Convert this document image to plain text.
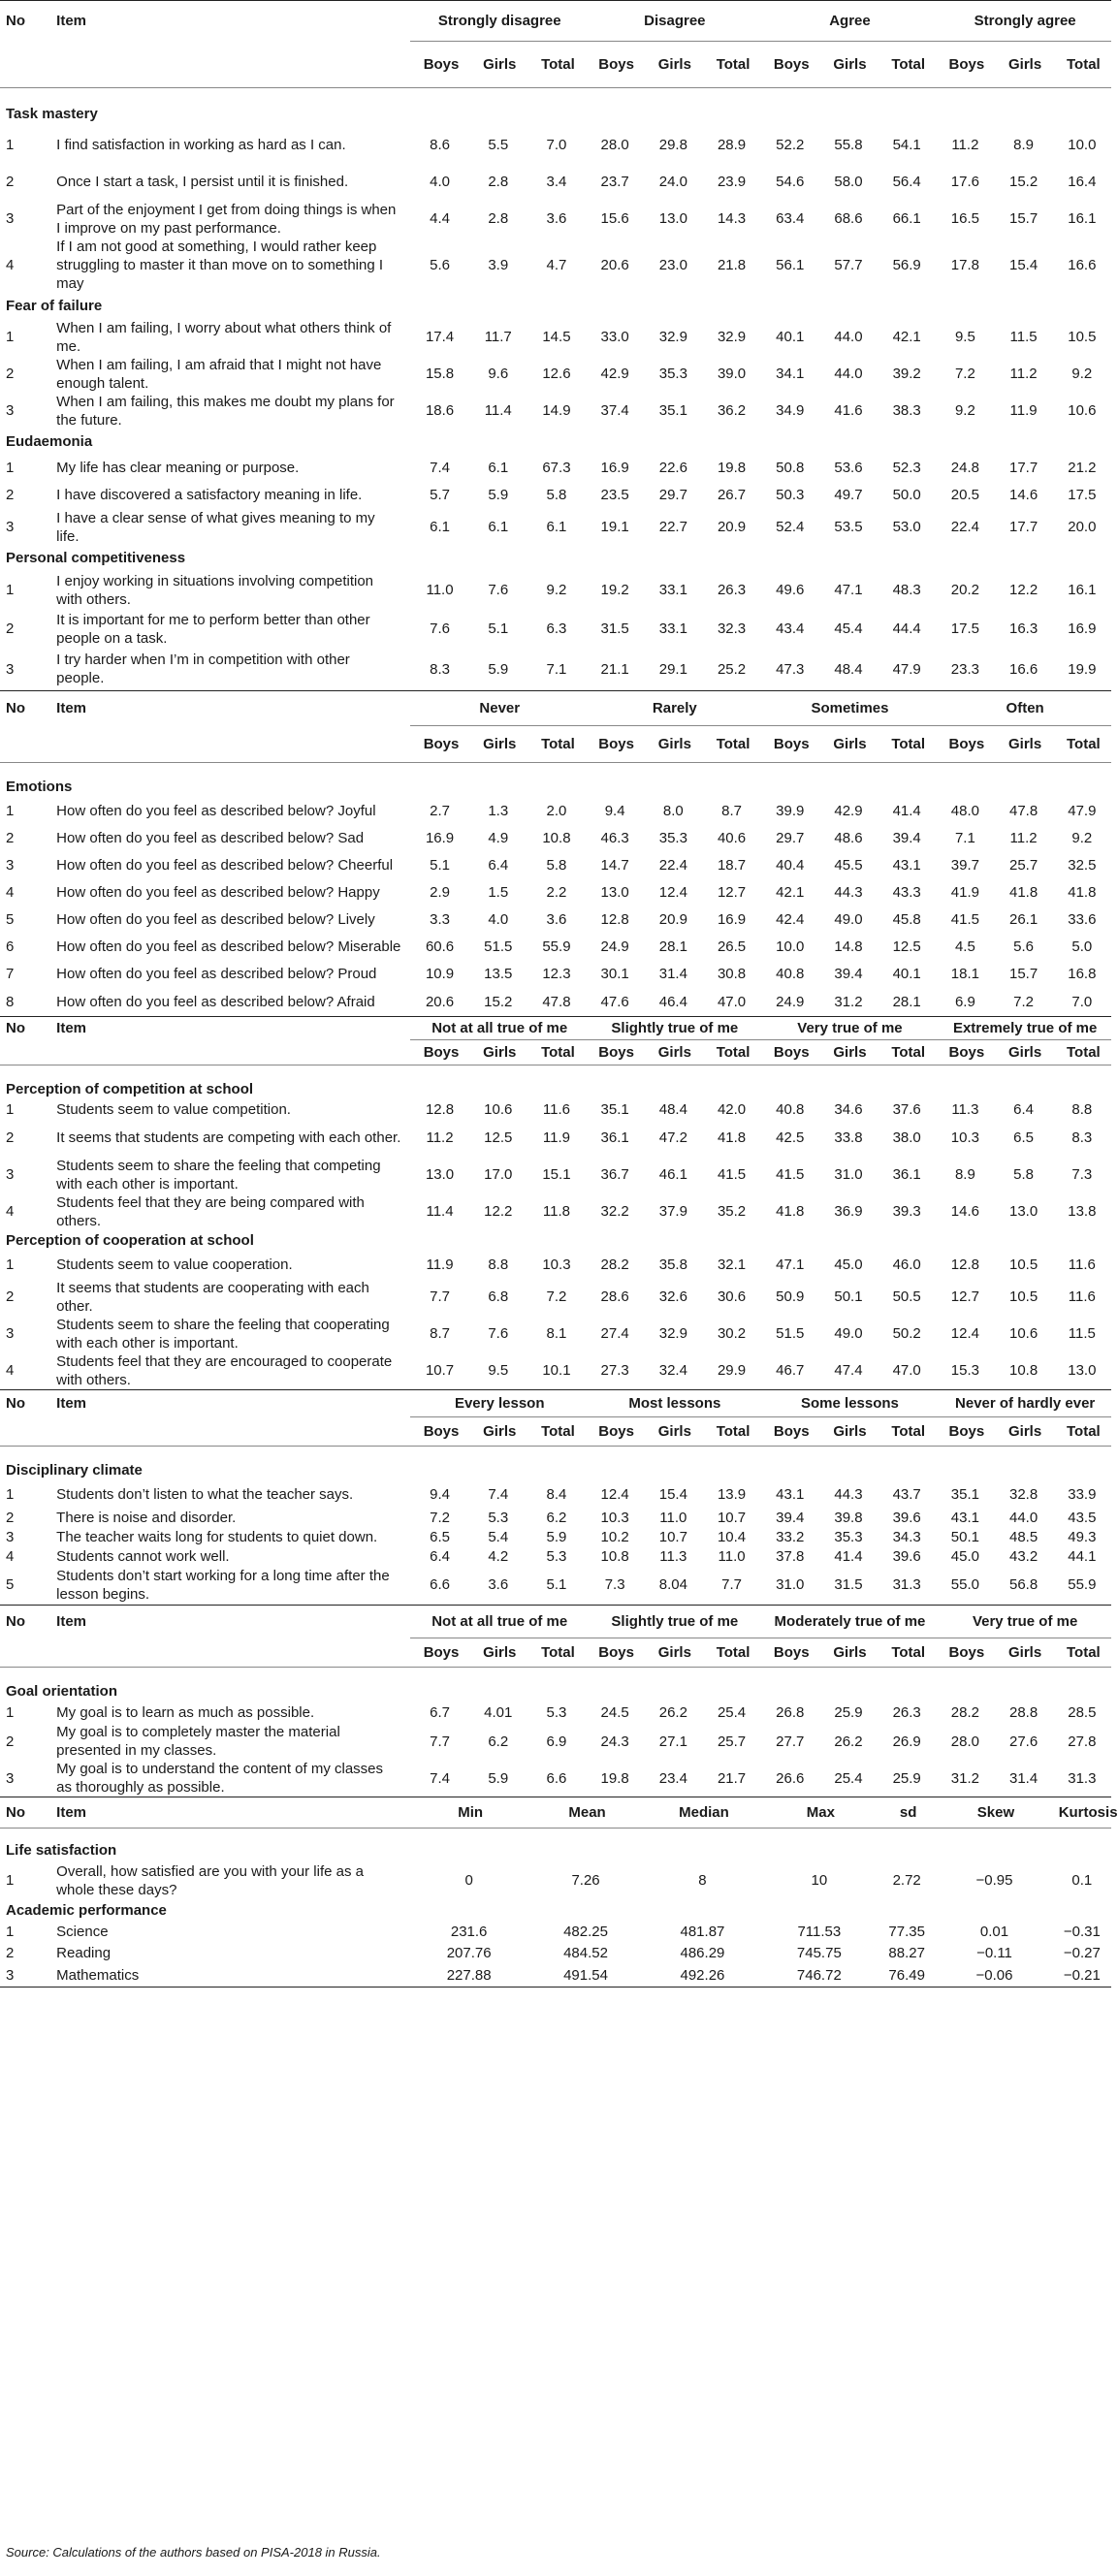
No	Item	Strongly disagree			Disagree			Agree			Strongly agree		
		Boys	Girls	Total	Boys	Girls	Total	Boys	Girls	Total	Boys	Girls	Total

Task mastery													
1	I find satisfaction in working as hard as I can.	8.6	5.5	7.0	28.0	29.8	28.9	52.2	55.8	54.1	11.2	8.9	10.0
2	Once I start a task, I persist until it is finished.	4.0	2.8	3.4	23.7	24.0	23.9	54.6	58.0	56.4	17.6	15.2	16.4
3	Part of the enjoyment I get from doing things is when I improve on my past performance.	4.4	2.8	3.6	15.6	13.0	14.3	63.4	68.6	66.1	16.5	15.7	16.1
4	If I am not good at something, I would rather keep struggling to master it than move on to something I may	5.6	3.9	4.7	20.6	23.0	21.8	56.1	57.7	56.9	17.8	15.4	16.6
Fear of failure													
1	When I am failing, I worry about what others think of me.	17.4	11.7	14.5	33.0	32.9	32.9	40.1	44.0	42.1	9.5	11.5	10.5
2	When I am failing, I am afraid that I might not have enough talent.	15.8	9.6	12.6	42.9	35.3	39.0	34.1	44.0	39.2	7.2	11.2	9.2
3	When I am failing, this makes me doubt my plans for the future.	18.6	11.4	14.9	37.4	35.1	36.2	34.9	41.6	38.3	9.2	11.9	10.6
Eudaemonia													
1	My life has clear meaning or purpose.	7.4	6.1	67.3	16.9	22.6	19.8	50.8	53.6	52.3	24.8	17.7	21.2
2	I have discovered a satisfactory meaning in life.	5.7	5.9	5.8	23.5	29.7	26.7	50.3	49.7	50.0	20.5	14.6	17.5
3	I have a clear sense of what gives meaning to my life.	6.1	6.1	6.1	19.1	22.7	20.9	52.4	53.5	53.0	22.4	17.7	20.0
Personal competitiveness													
1	I enjoy working in situations involving competition with others.	11.0	7.6	9.2	19.2	33.1	26.3	49.6	47.1	48.3	20.2	12.2	16.1
2	It is important for me to perform better than other people on a task.	7.6	5.1	6.3	31.5	33.1	32.3	43.4	45.4	44.4	17.5	16.3	16.9
3	I try harder when I’m in competition with other people.	8.3	5.9	7.1	21.1	29.1	25.2	47.3	48.4	47.9	23.3	16.6	19.9
No	Item	Never			Rarely			Sometimes			Often		
		Boys	Girls	Total	Boys	Girls	Total	Boys	Girls	Total	Boys	Girls	Total

Emotions													
1	How often do you feel as described below? Joyful	2.7	1.3	2.0	9.4	8.0	8.7	39.9	42.9	41.4	48.0	47.8	47.9
2	How often do you feel as described below? Sad	16.9	4.9	10.8	46.3	35.3	40.6	29.7	48.6	39.4	7.1	11.2	9.2
3	How often do you feel as described below? Cheerful	5.1	6.4	5.8	14.7	22.4	18.7	40.4	45.5	43.1	39.7	25.7	32.5
4	How often do you feel as described below? Happy	2.9	1.5	2.2	13.0	12.4	12.7	42.1	44.3	43.3	41.9	41.8	41.8
5	How often do you feel as described below? Lively	3.3	4.0	3.6	12.8	20.9	16.9	42.4	49.0	45.8	41.5	26.1	33.6
6	How often do you feel as described below? Miserable	60.6	51.5	55.9	24.9	28.1	26.5	10.0	14.8	12.5	4.5	5.6	5.0
7	How often do you feel as described below? Proud	10.9	13.5	12.3	30.1	31.4	30.8	40.8	39.4	40.1	18.1	15.7	16.8
8	How often do you feel as described below? Afraid	20.6	15.2	47.8	47.6	46.4	47.0	24.9	31.2	28.1	6.9	7.2	7.0
No	Item	Not at all true of me			Slightly true of me			Very true of me			Extremely true of me		
		Boys	Girls	Total	Boys	Girls	Total	Boys	Girls	Total	Boys	Girls	Total

Perception of competition at school													
1	Students seem to value competition.	12.8	10.6	11.6	35.1	48.4	42.0	40.8	34.6	37.6	11.3	6.4	8.8
2	It seems that students are competing with each other.	11.2	12.5	11.9	36.1	47.2	41.8	42.5	33.8	38.0	10.3	6.5	8.3
3	Students seem to share the feeling that competing with each other is important.	13.0	17.0	15.1	36.7	46.1	41.5	41.5	31.0	36.1	8.9	5.8	7.3
4	Students feel that they are being compared with others.	11.4	12.2	11.8	32.2	37.9	35.2	41.8	36.9	39.3	14.6	13.0	13.8
Perception of cooperation at school													
1	Students seem to value cooperation.	11.9	8.8	10.3	28.2	35.8	32.1	47.1	45.0	46.0	12.8	10.5	11.6
2	It seems that students are cooperating with each other.	7.7	6.8	7.2	28.6	32.6	30.6	50.9	50.1	50.5	12.7	10.5	11.6
3	Students seem to share the feeling that cooperating with each other is important.	8.7	7.6	8.1	27.4	32.9	30.2	51.5	49.0	50.2	12.4	10.6	11.5
4	Students feel that they are encouraged to cooperate with others.	10.7	9.5	10.1	27.3	32.4	29.9	46.7	47.4	47.0	15.3	10.8	13.0
No	Item	Every lesson			Most lessons			Some lessons			Never of hardly ever		
		Boys	Girls	Total	Boys	Girls	Total	Boys	Girls	Total	Boys	Girls	Total

Disciplinary climate													
1	Students don’t listen to what the teacher says.	9.4	7.4	8.4	12.4	15.4	13.9	43.1	44.3	43.7	35.1	32.8	33.9
2	There is noise and disorder.	7.2	5.3	6.2	10.3	11.0	10.7	39.4	39.8	39.6	43.1	44.0	43.5
3	The teacher waits long for students to quiet down.	6.5	5.4	5.9	10.2	10.7	10.4	33.2	35.3	34.3	50.1	48.5	49.3
4	Students cannot work well.	6.4	4.2	5.3	10.8	11.3	11.0	37.8	41.4	39.6	45.0	43.2	44.1
5	Students don’t start working for a long time after the lesson begins.	6.6	3.6	5.1	7.3	8.04	7.7	31.0	31.5	31.3	55.0	56.8	55.9
No	Item	Not at all true of me			Slightly true of me			Moderately true of me			Very true of me		
		Boys	Girls	Total	Boys	Girls	Total	Boys	Girls	Total	Boys	Girls	Total

Goal orientation													
1	My goal is to learn as much as possible.	6.7	4.01	5.3	24.5	26.2	25.4	26.8	25.9	26.3	28.2	28.8	28.5
2	My goal is to completely master the material presented in my classes.	7.7	6.2	6.9	24.3	27.1	25.7	27.7	26.2	26.9	28.0	27.6	27.8
3	My goal is to understand the content of my classes as thoroughly as possible.	7.4	5.9	6.6	19.8	23.4	21.7	26.6	25.4	25.9	31.2	31.4	31.3
No	Item	Min		Mean		Median		Max		sd	Skew		Kurtosis

Life satisfaction													
1	Overall, how satisfied are you with your life as a whole these days?	0		7.26		8		10		2.72	−0.95		0.1
Academic performance													
1	Science	231.6		482.25		481.87		711.53		77.35	0.01		−0.31
2	Reading	207.76		484.52		486.29		745.75		88.27	−0.11		−0.27
3	Mathematics	227.88		491.54		492.26		746.72		76.49	−0.06		−0.21
Source: Calculations of the authors based on PISA-2018 in Russia.
